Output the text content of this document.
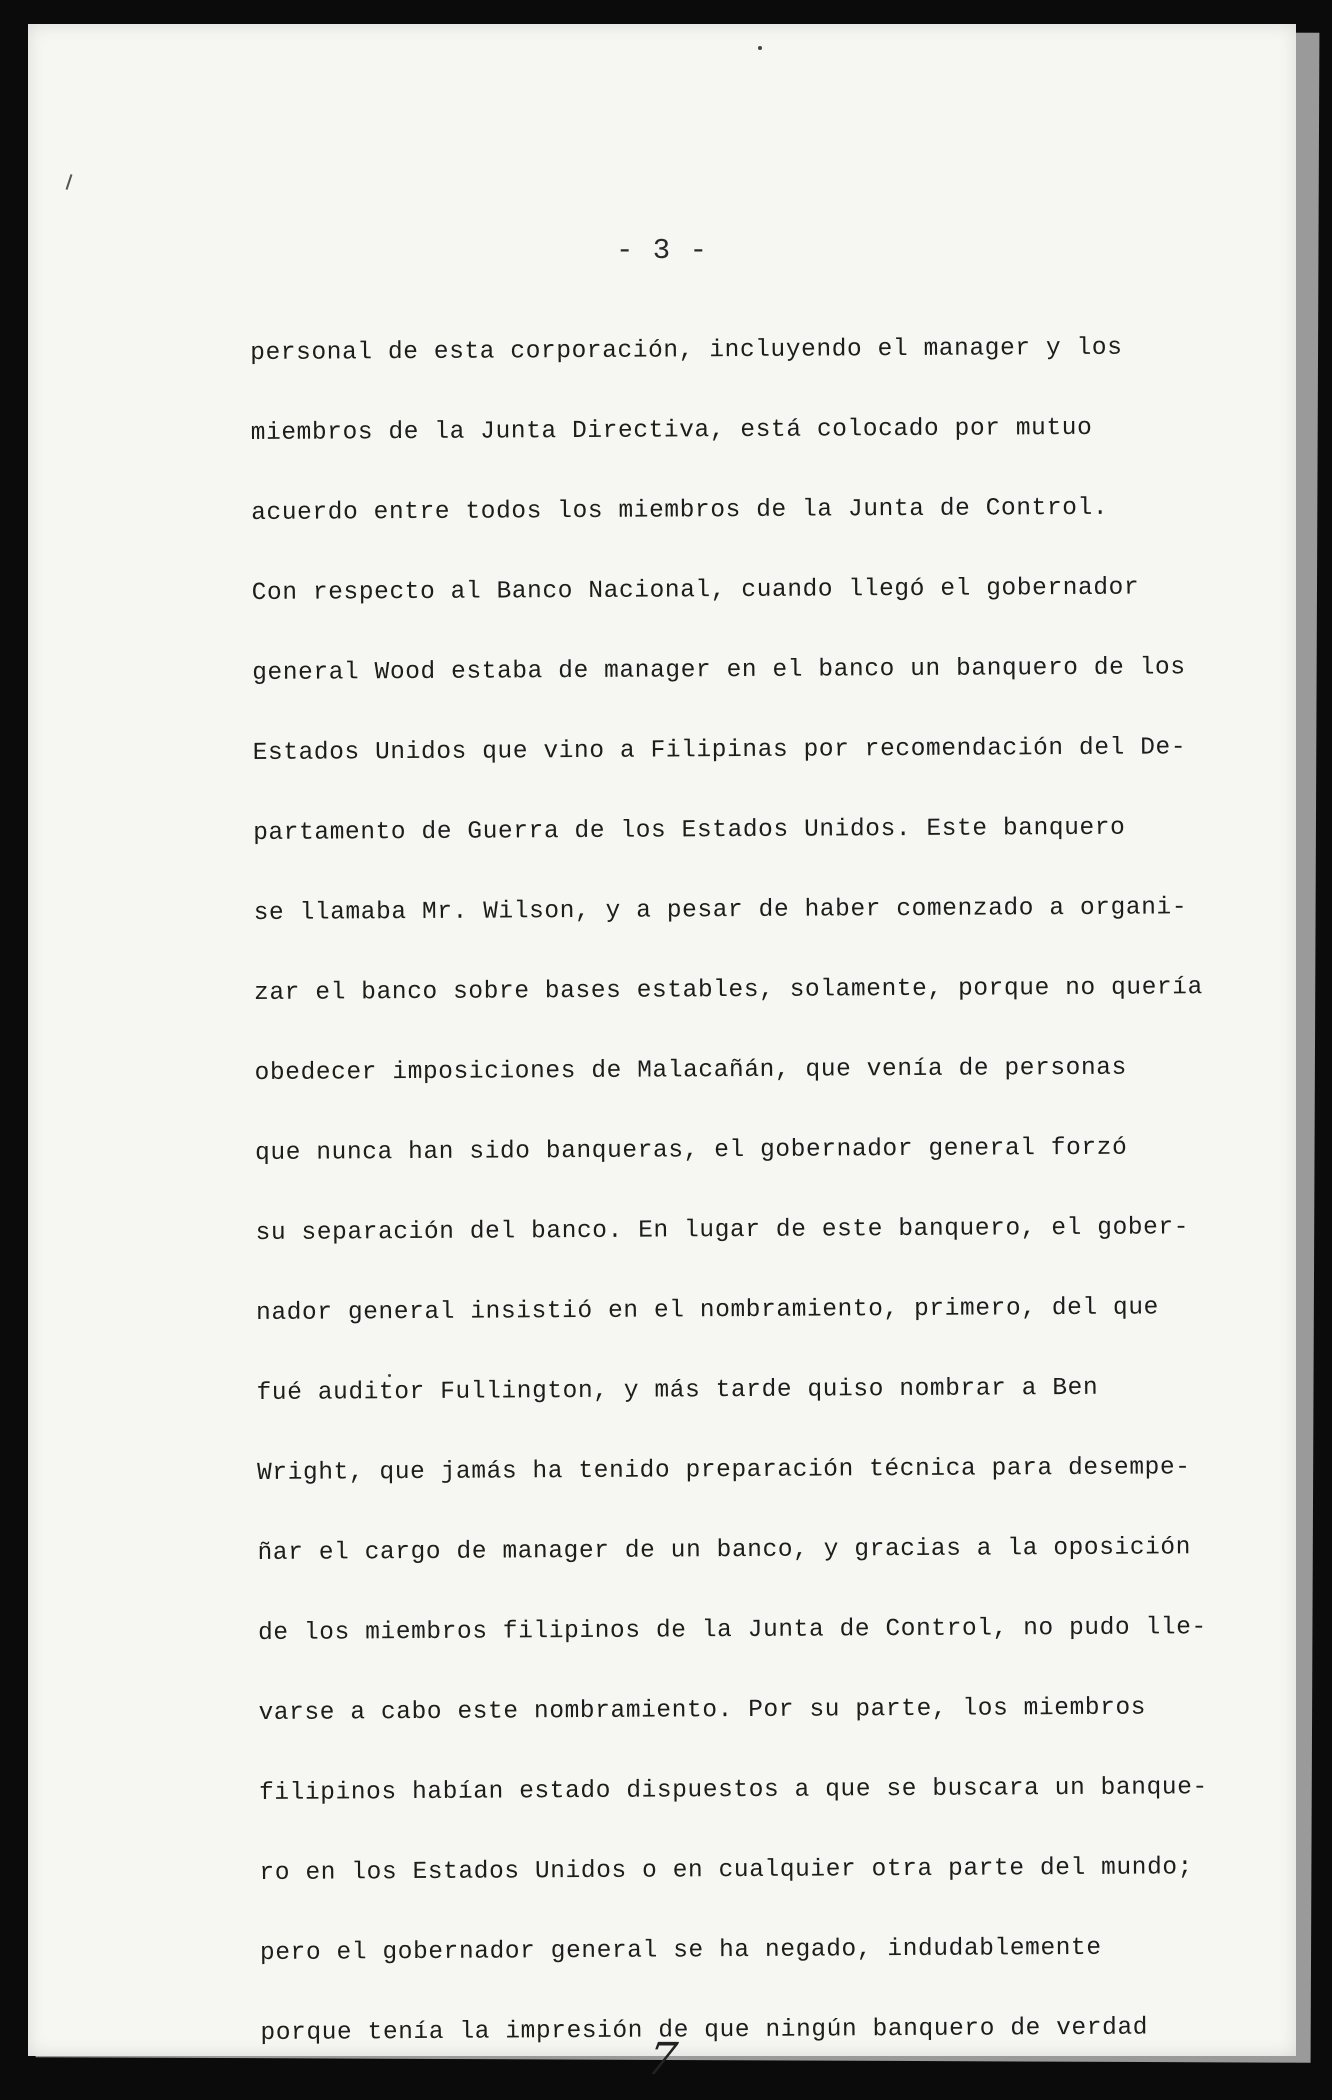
- 3 -
personal de esta corporación, incluyendo el manager y los
miembros de la Junta Directiva, está colocado por mutuo
acuerdo entre todos los miembros de la Junta de Control.
Con respecto al Banco Nacional, cuando llegó el gobernador
general Wood estaba de manager en el banco un banquero de los
Estados Unidos que vino a Filipinas por recomendación del De-
partamento de Guerra de los Estados Unidos. Este banquero
se llamaba Mr. Wilson, y a pesar de haber comenzado a organi-
zar el banco sobre bases estables, solamente, porque no quería
obedecer imposiciones de Malacañán, que venía de personas
que nunca han sido banqueras, el gobernador general forzó
su separación del banco. En lugar de este banquero, el gober-
nador general insistió en el nombramiento, primero, del que
fué auditor Fullington, y más tarde quiso nombrar a Ben
Wright, que jamás ha tenido preparación técnica para desempe-
ñar el cargo de manager de un banco, y gracias a la oposición
de los miembros filipinos de la Junta de Control, no pudo lle-
varse a cabo este nombramiento. Por su parte, los miembros
filipinos habían estado dispuestos a que se buscara un banque-
ro en los Estados Unidos o en cualquier otra parte del mundo;
pero el gobernador general se ha negado, indudablemente
porque tenía la impresión de que ningún banquero de verdad
7
